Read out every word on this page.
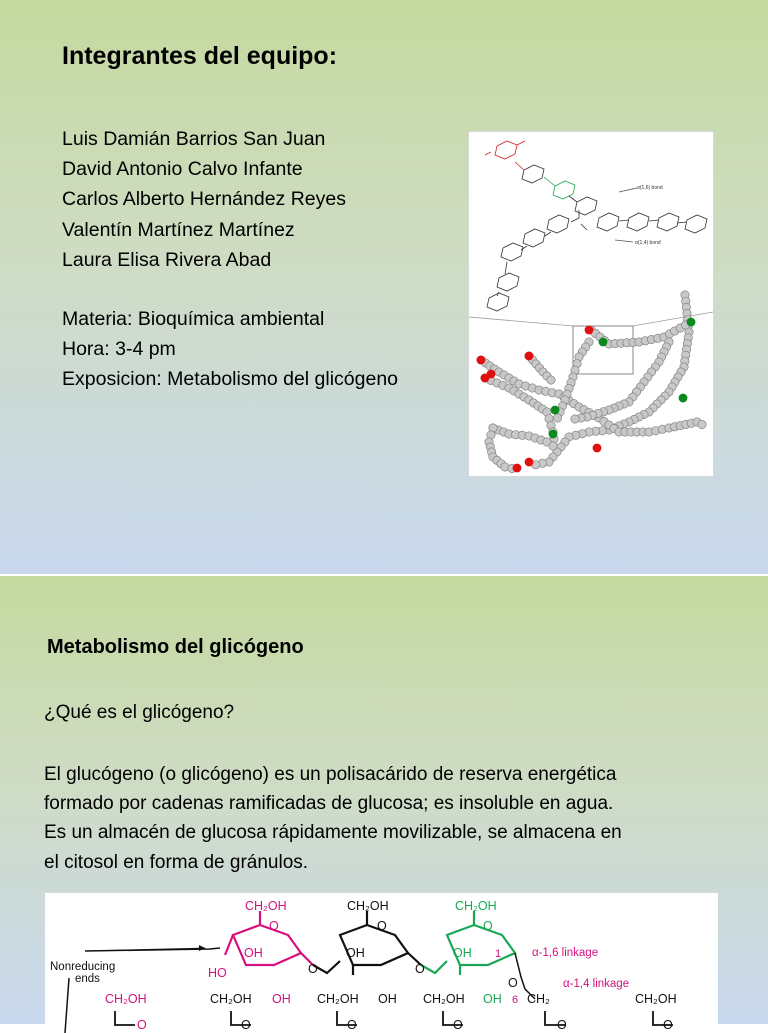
Integrantes del equipo:
Luis Damián Barrios San Juan
David Antonio Calvo Infante
Carlos Alberto Hernández Reyes
Valentín Martínez Martínez
Laura Elisa Rivera Abad
Materia: Bioquímica ambiental
Hora: 3-4 pm
Exposicion: Metabolismo del glicógeno
α(1,6) bond
α(1,4) bond
Metabolismo del glicógeno
¿Qué es el glicógeno?
El glucógeno (o glicógeno) es un polisacárido de reserva energética
formado por cadenas ramificadas de glucosa; es insoluble en agua.
Es un almacén de glucosa rápidamente movilizable, se almacena en
el citosol en forma de gránulos.
CH₂OH	CH₂OH	CH₂OH
O	O	O
OH	OH	OH
HO	O	O
O
1
6
α-1,6 linkage
α-1,4 linkage
Nonreducing
ends
CH₂OH	CH₂OH OH CH₂OH OH CH₂OH OH CH₂	CH₂OH
O	O	O	O	O	O
